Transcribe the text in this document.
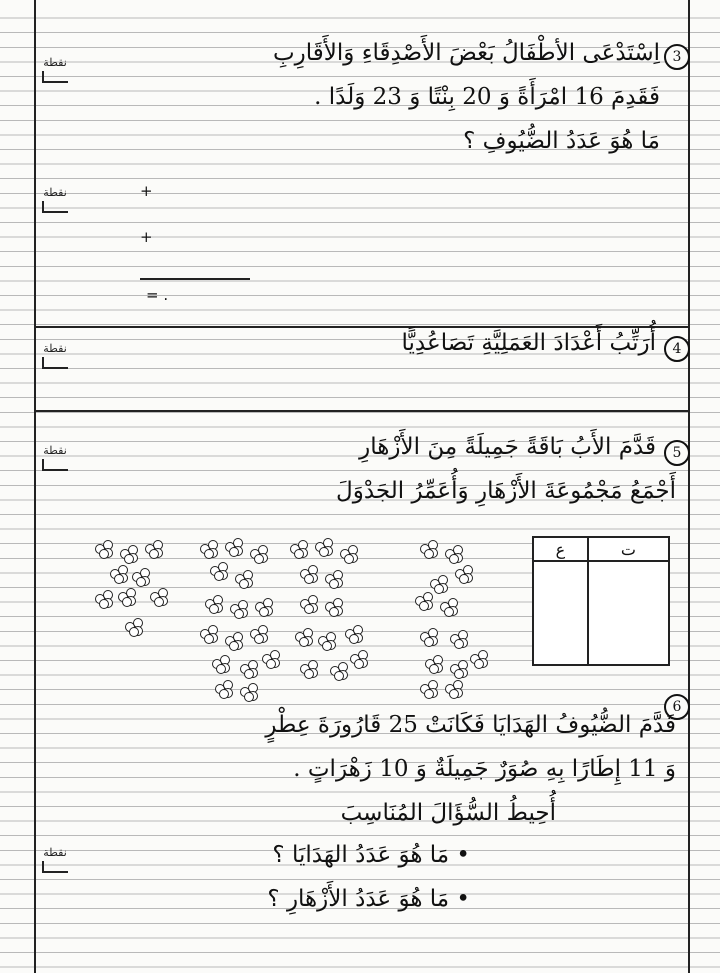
نقطة
نقطة
نقطة
نقطة
نقطة
3
اِسْتَدْعَى الأطْفَالُ بَعْضَ الأَصْدِقَاءِ وَالأَقَارِبِ
فَقَدِمَ 16 امْرَأَةً وَ 20 بِنْتًا وَ 23 وَلَدًا .
مَا هُوَ عَدَدُ الضُّيُوفِ ؟
+
+
= .
4
أُرَتِّبُ أَعْدَادَ العَمَلِيَّةِ تَصَاعُدِيًّا
5
قَدَّمَ الأَبُ بَاقَةً جَمِيلَةً مِنَ الأَزْهَارِ
أَجْمَعُ مَجْمُوعَةَ الأَزْهَارِ وَأُعَمِّرُ الجَدْوَلَ
ع	ت

6
قَدَّمَ الضُّيُوفُ الهَدَايَا فَكَانَتْ 25 قَارُورَةَ عِطْرٍ
وَ 11 إِطَارًا بِهِ صُوَرٌ جَمِيلَةٌ وَ 10 زَهْرَاتٍ .
أُحِيطُ السُّؤَالَ المُنَاسِبَ
• مَا هُوَ عَدَدُ الهَدَايَا ؟
• مَا هُوَ عَدَدُ الأَزْهَارِ ؟
